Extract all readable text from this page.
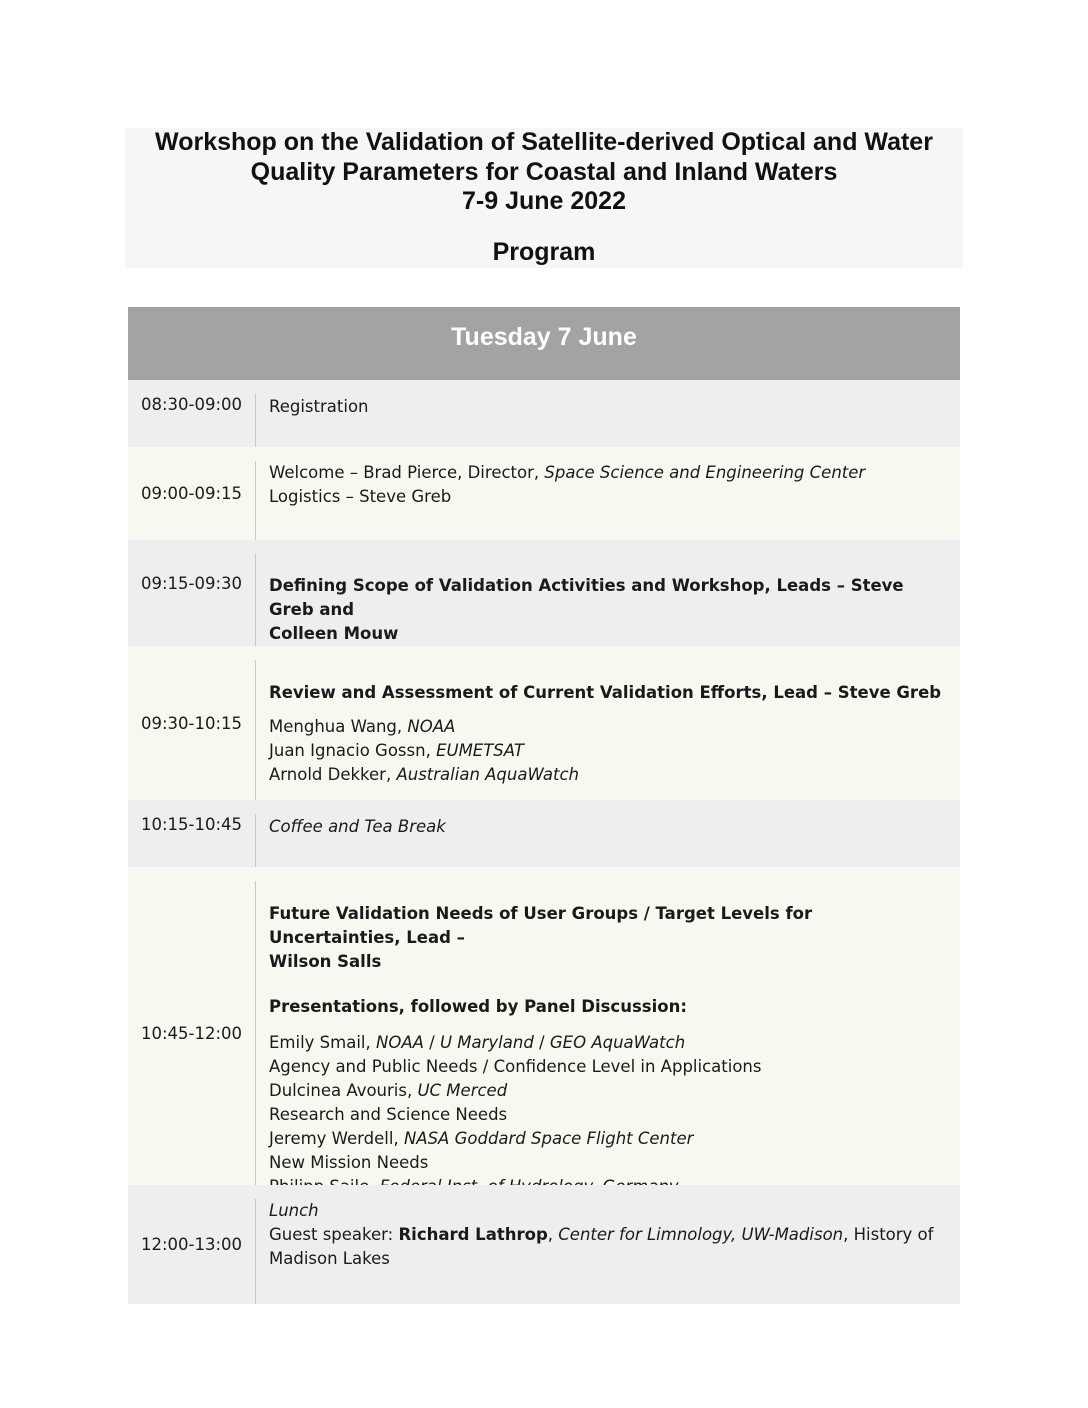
Workshop on the Validation of Satellite-derived Optical and Water

Quality Parameters for Coastal and Inland Waters

7-9 June 2022

Program

Tuesday 7 June
08:30-09:00	Registration
09:00-09:15
Welcome – Brad Pierce, Director, Space Science and Engineering Center
Logistics – Steve Greb
09:15-09:30	Defining Scope of Validation Activities and Workshop, Leads – Steve Greb and
Colleen Mouw
09:30-10:15
Review and Assessment of Current Validation Efforts, Lead – Steve Greb
Menghua Wang, NOAA
Juan Ignacio Gossn, EUMETSAT
Arnold Dekker, Australian AquaWatch
10:15-10:45	Coffee and Tea Break
10:45-12:00
Future Validation Needs of User Groups / Target Levels for Uncertainties, Lead –
Wilson Salls
Presentations, followed by Panel Discussion:
Emily Smail, NOAA / U Maryland / GEO AquaWatch
Agency and Public Needs / Confidence Level in Applications
Dulcinea Avouris, UC Merced
Research and Science Needs
Jeremy Werdell, NASA Goddard Space Flight Center
New Mission Needs
12:00-13:00
Lunch
Guest speaker: Richard Lathrop, Center for Limnology, UW-Madison, History of
Madison Lakes
